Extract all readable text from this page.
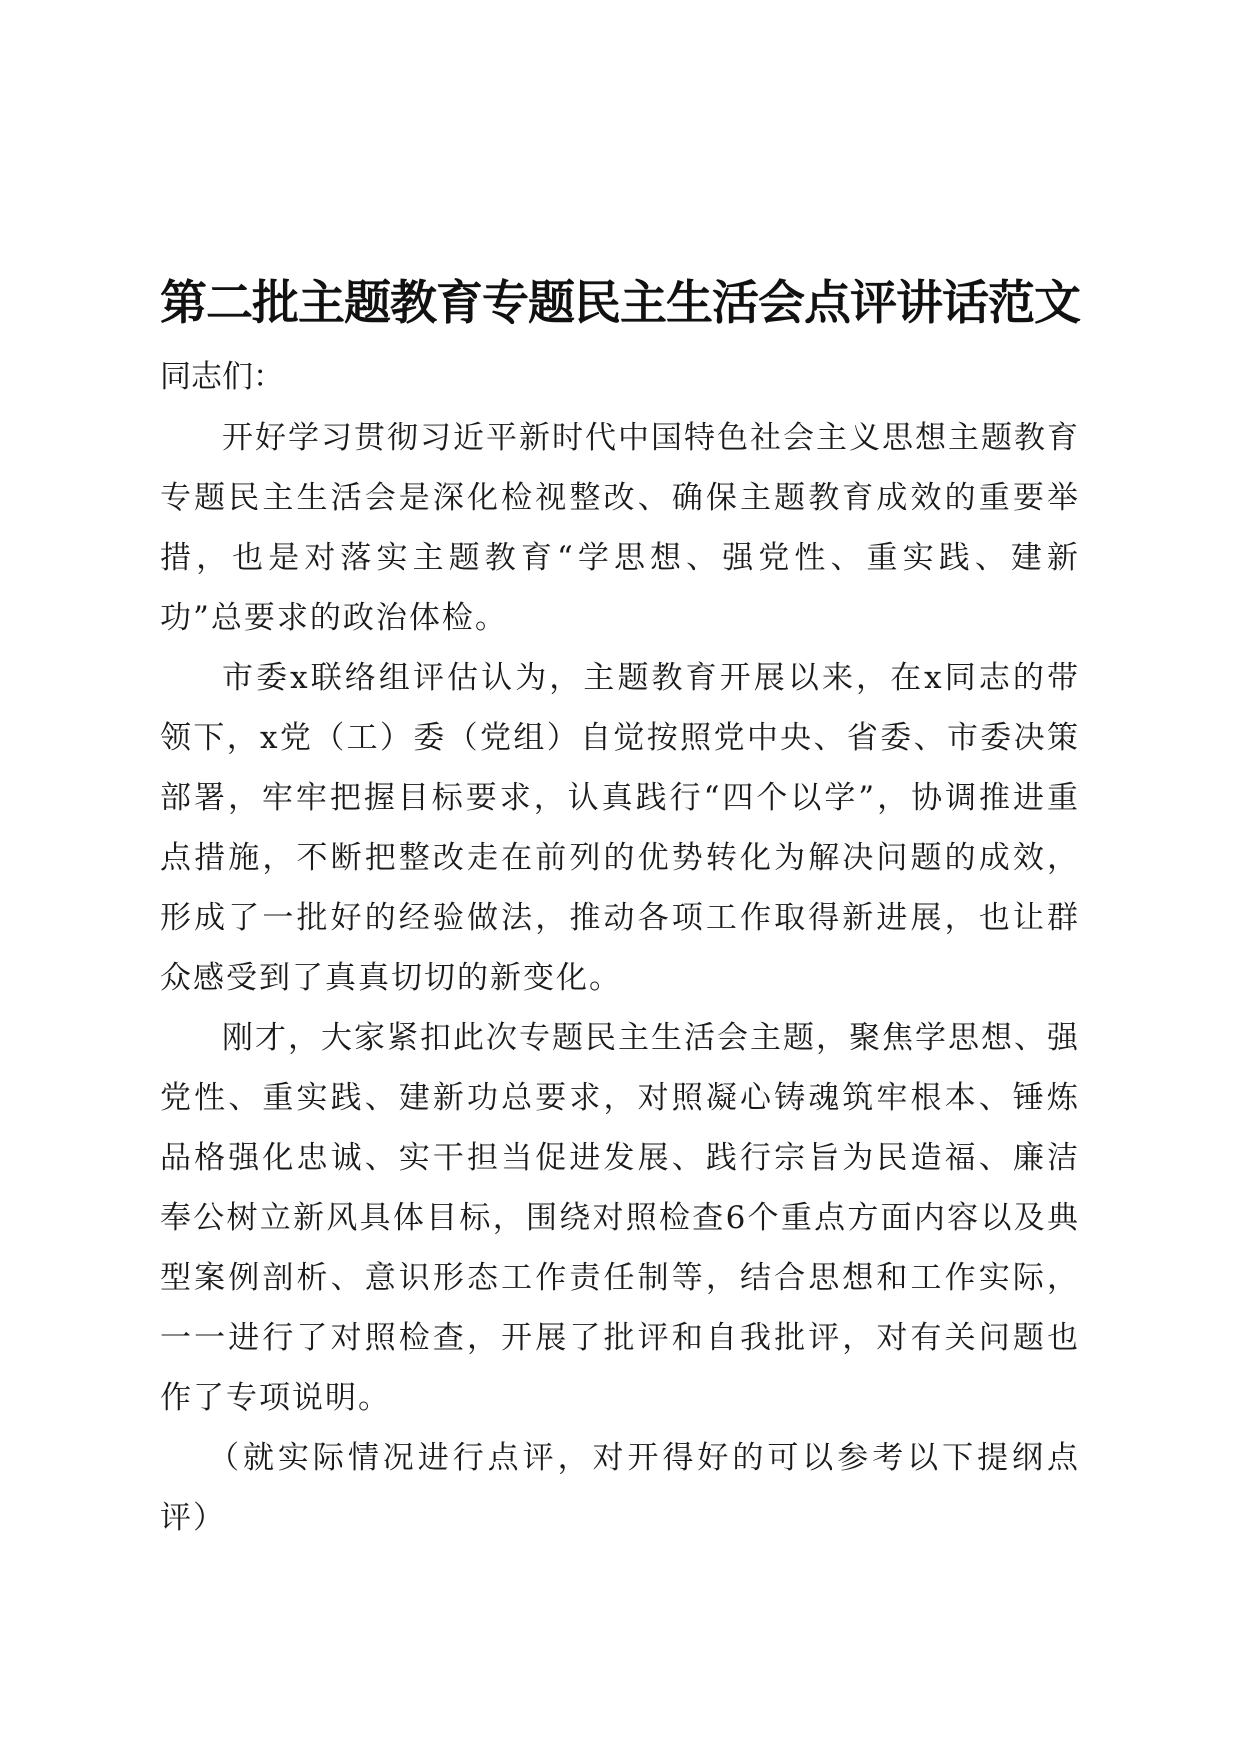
第二批主题教育专题民主生活会点评讲话范文

同志们：

开好学习贯彻习近平新时代中国特色社会主义思想主题教育专题民主生活会是深化检视整改、确保主题教育成效的重要举措，也是对落实主题教育“学思想、强党性、重实践、建新功”总要求的政治体检。

市委x联络组评估认为，主题教育开展以来，在x同志的带领下，x党（工）委（党组）自觉按照党中央、省委、市委决策部署，牢牢把握目标要求，认真践行“四个以学”，协调推进重点措施，不断把整改走在前列的优势转化为解决问题的成效，形成了一批好的经验做法，推动各项工作取得新进展，也让群众感受到了真真切切的新变化。

刚才，大家紧扣此次专题民主生活会主题，聚焦学思想、强党性、重实践、建新功总要求，对照凝心铸魂筑牢根本、锤炼品格强化忠诚、实干担当促进发展、践行宗旨为民造福、廉洁奉公树立新风具体目标，围绕对照检查6个重点方面内容以及典型案例剖析、意识形态工作责任制等，结合思想和工作实际，一一进行了对照检查，开展了批评和自我批评，对有关问题也作了专项说明。

（就实际情况进行点评，对开得好的可以参考以下提纲点评）
